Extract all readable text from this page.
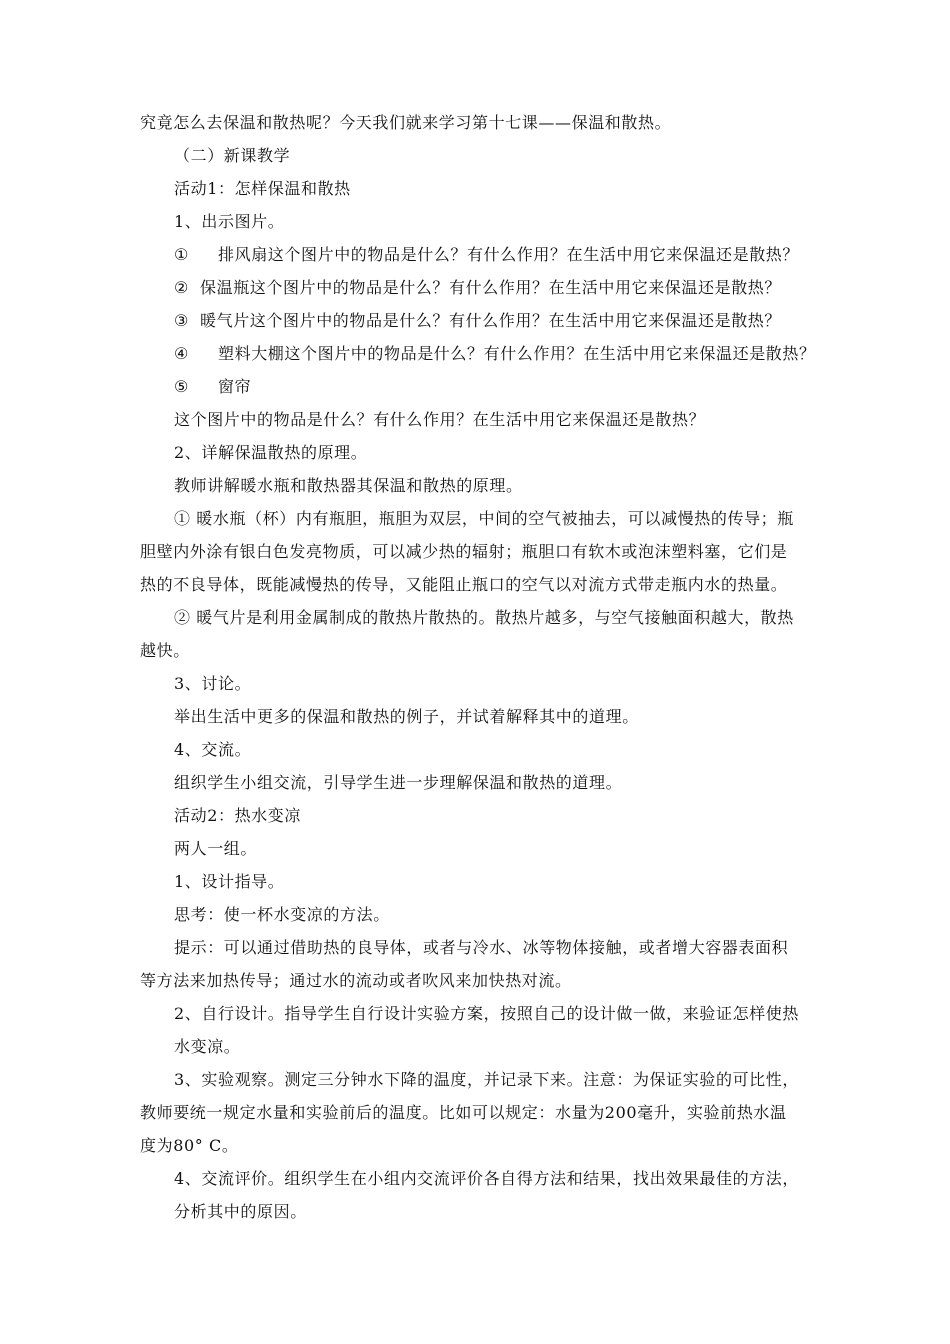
究竟怎么去保温和散热呢？今天我们就来学习第十七课——保温和散热。
（二）新课教学
活动1：怎样保温和散热
1、出示图片。
① 排风扇这个图片中的物品是什么？有什么作用？在生活中用它来保温还是散热？
② 保温瓶这个图片中的物品是什么？有什么作用？在生活中用它来保温还是散热？
③ 暖气片这个图片中的物品是什么？有什么作用？在生活中用它来保温还是散热？
④ 塑料大棚这个图片中的物品是什么？有什么作用？在生活中用它来保温还是散热？
⑤ 窗帘
这个图片中的物品是什么？有什么作用？在生活中用它来保温还是散热？
2、详解保温散热的原理。
教师讲解暖水瓶和散热器其保温和散热的原理。
① 暖水瓶（杯）内有瓶胆，瓶胆为双层，中间的空气被抽去，可以减慢热的传导；瓶
胆壁内外涂有银白色发亮物质，可以减少热的辐射；瓶胆口有软木或泡沫塑料塞，它们是
热的不良导体，既能减慢热的传导，又能阻止瓶口的空气以对流方式带走瓶内水的热量。
② 暖气片是利用金属制成的散热片散热的。散热片越多，与空气接触面积越大，散热
越快。
3、讨论。
举出生活中更多的保温和散热的例子，并试着解释其中的道理。
4、交流。
组织学生小组交流，引导学生进一步理解保温和散热的道理。
活动2：热水变凉
两人一组。
1、设计指导。
思考：使一杯水变凉的方法。
提示：可以通过借助热的良导体，或者与冷水、冰等物体接触，或者增大容器表面积
等方法来加热传导；通过水的流动或者吹风来加快热对流。
2、自行设计。指导学生自行设计实验方案，按照自己的设计做一做，来验证怎样使热
水变凉。
3、实验观察。测定三分钟水下降的温度，并记录下来。注意：为保证实验的可比性，
教师要统一规定水量和实验前后的温度。比如可以规定：水量为200毫升，实验前热水温
度为80° C。
4、交流评价。组织学生在小组内交流评价各自得方法和结果，找出效果最佳的方法，
分析其中的原因。
